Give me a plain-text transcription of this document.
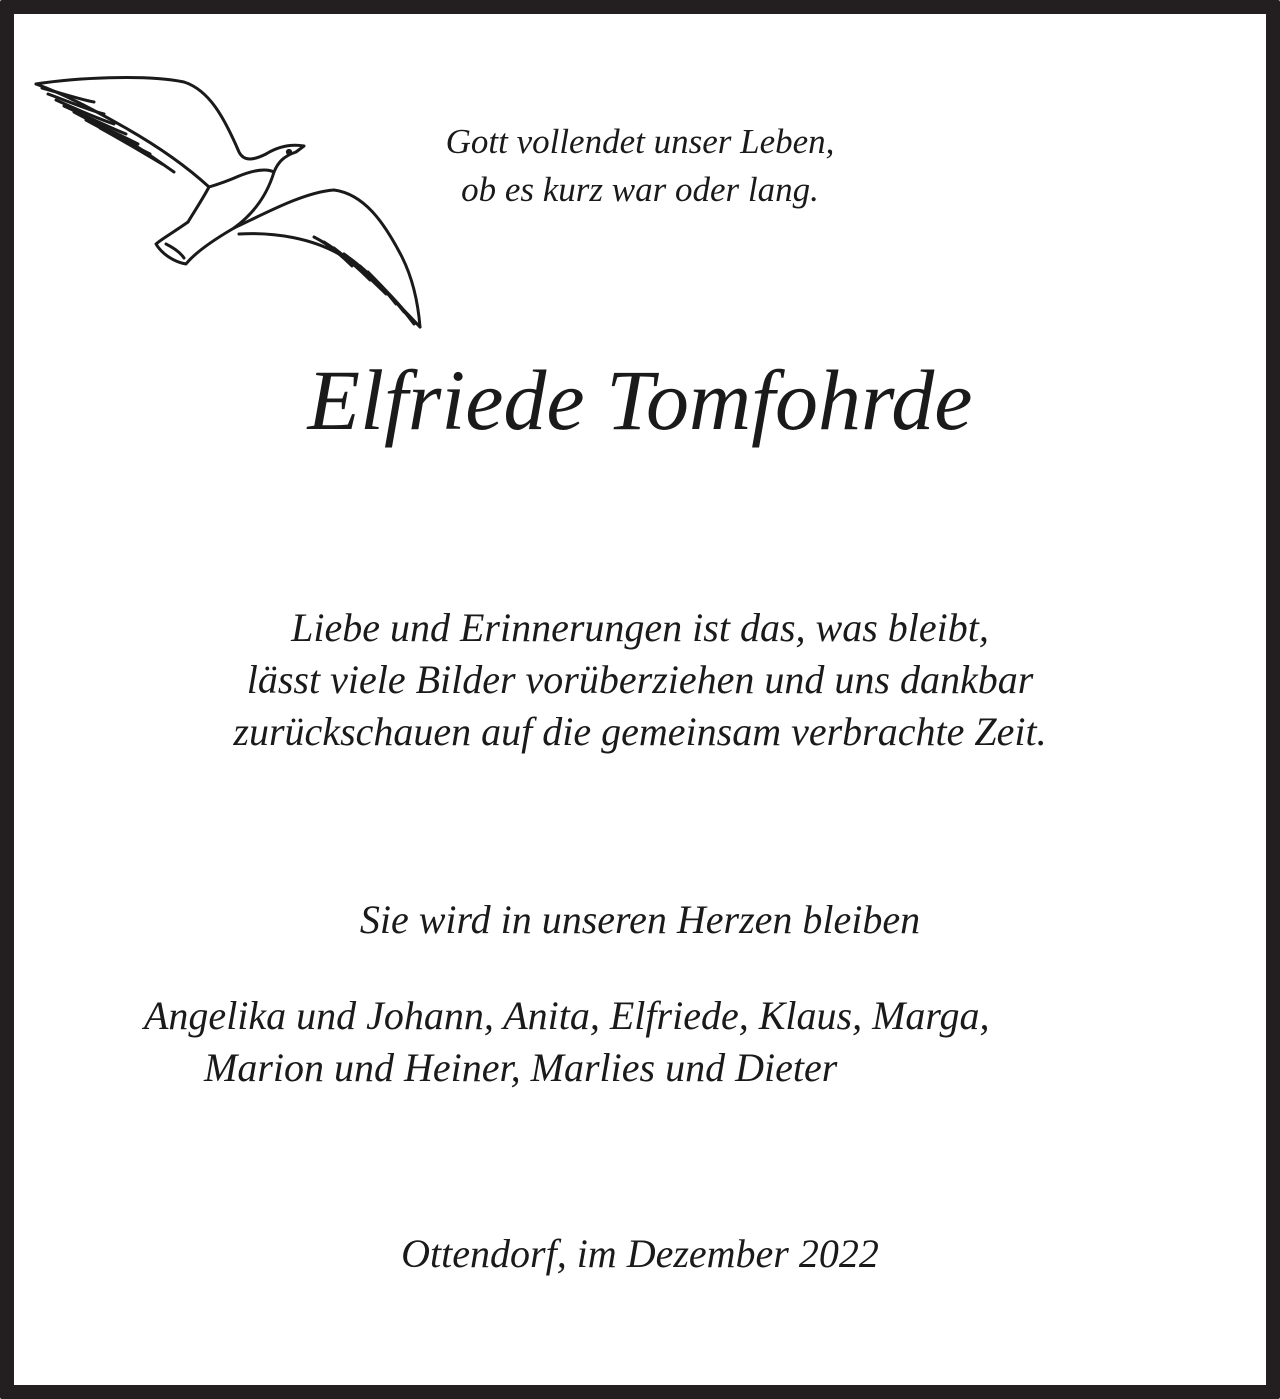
Gott vollendet unser Leben,
ob es kurz war oder lang.
Elfriede Tomfohrde
Liebe und Erinnerungen ist das, was bleibt,
lässt viele Bilder vorüberziehen und uns dankbar
zurückschauen auf die gemeinsam verbrachte Zeit.
Sie wird in unseren Herzen bleiben
Angelika und Johann, Anita, Elfriede, Klaus, Marga,
Marion und Heiner, Marlies und Dieter
Ottendorf, im Dezember 2022
